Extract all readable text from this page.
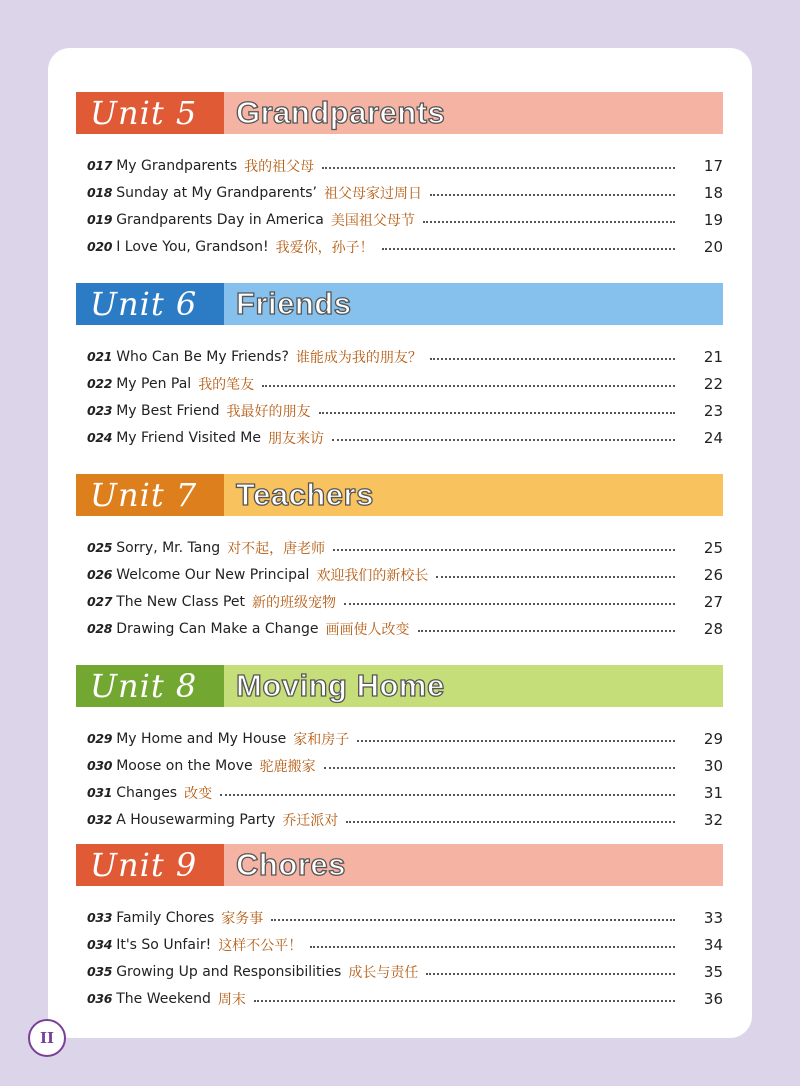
Unit 5	Grandparents
017 My Grandparents 我的祖父母	17
018 Sunday at My Grandparents’ 祖父母家过周日	18
019 Grandparents Day in America 美国祖父母节	19
020 I Love You, Grandson! 我爱你，孙子！	20
Unit 6	Friends
021 Who Can Be My Friends? 谁能成为我的朋友？	21
022 My Pen Pal 我的笔友	22
023 My Best Friend 我最好的朋友	23
024 My Friend Visited Me 朋友来访	24
Unit 7	Teachers
025 Sorry, Mr. Tang 对不起，唐老师	25
026 Welcome Our New Principal 欢迎我们的新校长	26
027 The New Class Pet 新的班级宠物	27
028 Drawing Can Make a Change 画画使人改变	28
Unit 8	Moving Home
029 My Home and My House 家和房子	29
030 Moose on the Move 驼鹿搬家	30
031 Changes 改变	31
032 A Housewarming Party 乔迁派对	32
Unit 9	Chores
033 Family Chores 家务事	33
034 It's So Unfair! 这样不公平！	34
035 Growing Up and Responsibilities 成长与责任	35
036 The Weekend 周末	36
II
